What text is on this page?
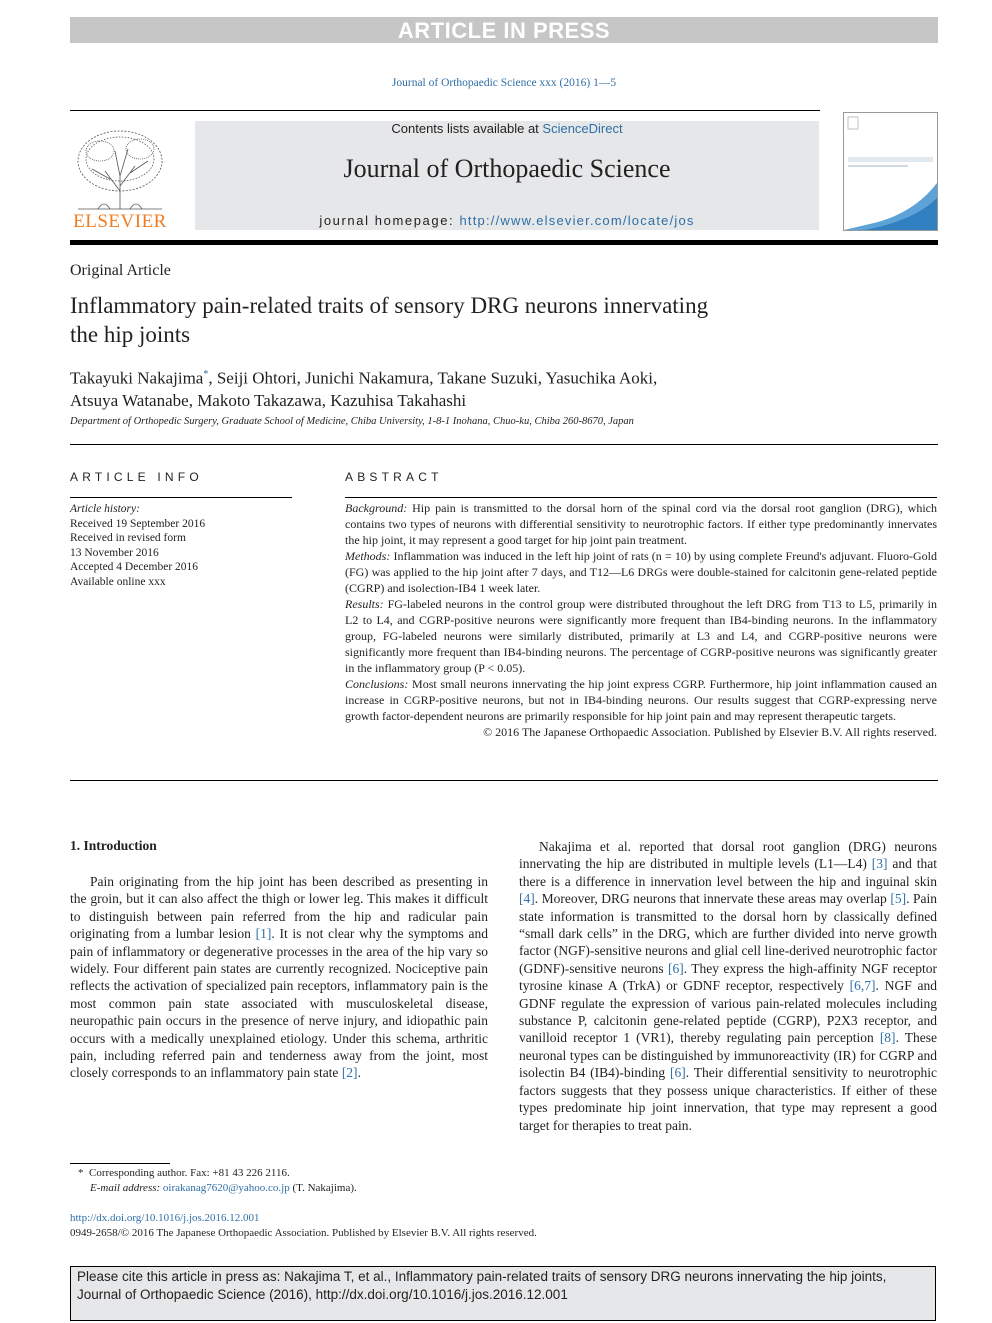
ARTICLE IN PRESS
Journal of Orthopaedic Science xxx (2016) 1—5
ELSEVIER
Contents lists available at ScienceDirect
Journal of Orthopaedic Science
journal homepage: http://www.elsevier.com/locate/jos
Original Article
Inflammatory pain-related traits of sensory DRG neurons innervating
the hip joints
Takayuki Nakajima*, Seiji Ohtori, Junichi Nakamura, Takane Suzuki, Yasuchika Aoki,
Atsuya Watanabe, Makoto Takazawa, Kazuhisa Takahashi
Department of Orthopedic Surgery, Graduate School of Medicine, Chiba University, 1-8-1 Inohana, Chuo-ku, Chiba 260-8670, Japan
ARTICLE INFO
Article history:
Received 19 September 2016
Received in revised form
13 November 2016
Accepted 4 December 2016
Available online xxx
ABSTRACT

Background: Hip pain is transmitted to the dorsal horn of the spinal cord via the dorsal root ganglion (DRG), which contains two types of neurons with differential sensitivity to neurotrophic factors. If either type predominantly innervates the hip joint, it may represent a good target for hip joint pain treatment.

Methods: Inflammation was induced in the left hip joint of rats (n = 10) by using complete Freund's adjuvant. Fluoro-Gold (FG) was applied to the hip joint after 7 days, and T12—L6 DRGs were double-stained for calcitonin gene-related peptide (CGRP) and isolection-IB4 1 week later.

Results: FG-labeled neurons in the control group were distributed throughout the left DRG from T13 to L5, primarily in L2 to L4, and CGRP-positive neurons were significantly more frequent than IB4-binding neurons. In the inflammatory group, FG-labeled neurons were similarly distributed, primarily at L3 and L4, and CGRP-positive neurons were significantly more frequent than IB4-binding neurons. The percentage of CGRP-positive neurons was significantly greater in the inflammatory group (P < 0.05).

Conclusions: Most small neurons innervating the hip joint express CGRP. Furthermore, hip joint inflammation caused an increase in CGRP-positive neurons, but not in IB4-binding neurons. Our results suggest that CGRP-expressing nerve growth factor-dependent neurons are primarily responsible for hip joint pain and may represent therapeutic targets.

© 2016 The Japanese Orthopaedic Association. Published by Elsevier B.V. All rights reserved.

1. Introduction

Pain originating from the hip joint has been described as presenting in the groin, but it can also affect the thigh or lower leg. This makes it difficult to distinguish between pain referred from the hip and radicular pain originating from a lumbar lesion [1]. It is not clear why the symptoms and pain of inflammatory or degenerative processes in the area of the hip vary so widely. Four different pain states are currently recognized. Nociceptive pain reflects the activation of specialized pain receptors, inflammatory pain is the most common pain state associated with musculoskeletal disease, neuropathic pain occurs in the presence of nerve injury, and idiopathic pain occurs with a medically unexplained etiology. Under this schema, arthritic pain, including referred pain and tenderness away from the joint, most closely corresponds to an inflammatory pain state [2].

Nakajima et al. reported that dorsal root ganglion (DRG) neurons innervating the hip are distributed in multiple levels (L1—L4) [3] and that there is a difference in innervation level between the hip and inguinal skin [4]. Moreover, DRG neurons that innervate these areas may overlap [5]. Pain state information is transmitted to the dorsal horn by classically defined “small dark cells” in the DRG, which are further divided into nerve growth factor (NGF)-sensitive neurons and glial cell line-derived neurotrophic factor (GDNF)-sensitive neurons [6]. They express the high-affinity NGF receptor tyrosine kinase A (TrkA) or GDNF receptor, respectively [6,7]. NGF and GDNF regulate the expression of various pain-related molecules including substance P, calcitonin gene-related peptide (CGRP), P2X3 receptor, and vanilloid receptor 1 (VR1), thereby regulating pain perception [8]. These neuronal types can be distinguished by immunoreactivity (IR) for CGRP and isolectin B4 (IB4)-binding [6]. Their differential sensitivity to neurotrophic factors suggests that they possess unique characteristics. If either of these types predominate hip joint innervation, that type may represent a good target for therapies to treat pain.

* Corresponding author. Fax: +81 43 226 2116.
E-mail address: oirakanag7620@yahoo.co.jp (T. Nakajima).
http://dx.doi.org/10.1016/j.jos.2016.12.001
0949-2658/© 2016 The Japanese Orthopaedic Association. Published by Elsevier B.V. All rights reserved.
Please cite this article in press as: Nakajima T, et al., Inflammatory pain-related traits of sensory DRG neurons innervating the hip joints, Journal of Orthopaedic Science (2016), http://dx.doi.org/10.1016/j.jos.2016.12.001
